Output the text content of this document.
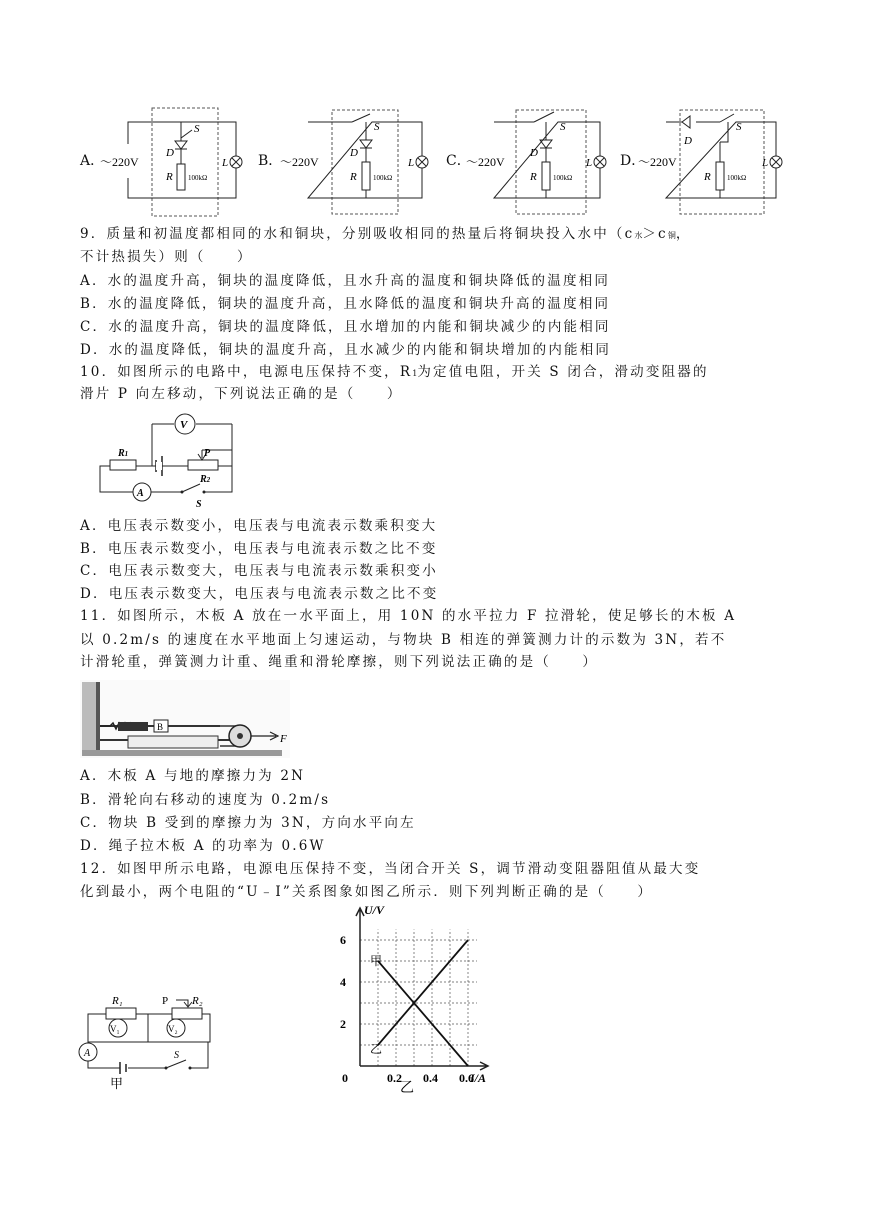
A．
～220V
S
D
R 100kΩ
L B．
～220V
S
D
R 100kΩ
L C．
～220V
S
D
R 100kΩ
L D．
～220V
S
D
R 100kΩ
L
9．质量和初温度都相同的水和铜块，分别吸收相同的热量后将铜块投入水中（c水＞c铜，
不计热损失）则（　　）
A．水的温度升高，铜块的温度降低，且水升高的温度和铜块降低的温度相同
B．水的温度降低，铜块的温度升高，且水降低的温度和铜块升高的温度相同
C．水的温度升高，铜块的温度降低，且水增加的内能和铜块减少的内能相同
D．水的温度降低，铜块的温度升高，且水减少的内能和铜块增加的内能相同
10．如图所示的电路中，电源电压保持不变，R1为定值电阻，开关 S 闭合，滑动变阻器的
滑片 P 向左移动，下列说法正确的是（　　）
V
R1	P
R2
A
S
A．电压表示数变小，电压表与电流表示数乘积变大
B．电压表示数变小，电压表与电流表示数之比不变
C．电压表示数变大，电压表与电流表示数乘积变小
D．电压表示数变大，电压表与电流表示数之比不变
11．如图所示，木板 A 放在一水平面上，用 10N 的水平拉力 F 拉滑轮，使足够长的木板 A
以 0.2m/s 的速度在水平地面上匀速运动，与物块 B 相连的弹簧测力计的示数为 3N，若不
计滑轮重，弹簧测力计重、绳重和滑轮摩擦，则下列说法正确的是（　　）
B
F
A．木板 A 与地的摩擦力为 2N
B．滑轮向右移动的速度为 0.2m/s
C．物块 B 受到的摩擦力为 3N，方向水平向左
D．绳子拉木板 A 的功率为 0.6W
12．如图甲所示电路，电源电压保持不变，当闭合开关 S，调节滑动变阻器阻值从最大变
化到最小，两个电阻的“U﹣I”关系图象如图乙所示．则下列判断正确的是（　　）
R₁	R₂
P
V₁	V₂
A	S
甲
U/V
I/A
0	0.2 0.4 0.6
2
4
6
甲
乙
乙
